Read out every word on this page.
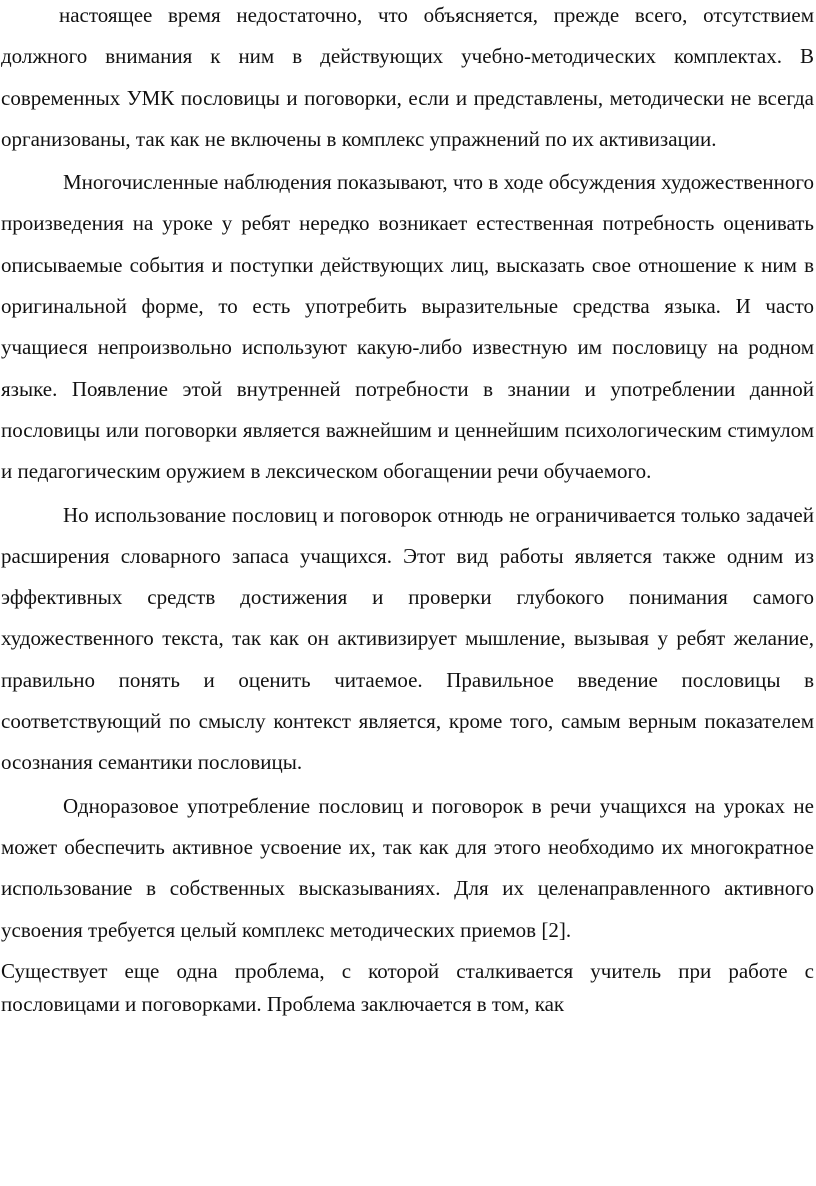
настоящее время недостаточно, что объясняется, прежде всего, отсутствием должного внимания к ним в действующих учебно-методических комплектах. В современных УМК пословицы и поговорки, если и представлены, методически не всегда организованы, так как не включены в комплекс упражнений по их активизации.

Многочисленные наблюдения показывают, что в ходе обсуждения художественного произведения на уроке у ребят нередко возникает естественная потребность оценивать описываемые события и поступки действующих лиц, высказать свое отношение к ним в оригинальной форме, то есть употребить выразительные средства языка. И часто учащиеся непроизвольно используют какую-либо известную им пословицу на родном языке. Появление этой внутренней потребности в знании и употреблении данной пословицы или поговорки является важнейшим и ценнейшим психологическим стимулом и педагогическим оружием в лексическом обогащении речи обучаемого.

Но использование пословиц и поговорок отнюдь не ограничивается только задачей расширения словарного запаса учащихся. Этот вид работы является также одним из эффективных средств достижения и проверки глубокого понимания самого художественного текста, так как он активизирует мышление, вызывая у ребят желание, правильно понять и оценить читаемое. Правильное введение пословицы в соответствующий по смыслу контекст является, кроме того, самым верным показателем осознания семантики пословицы.

Одноразовое употребление пословиц и поговорок в речи учащихся на уроках не может обеспечить активное усвоение их, так как для этого необходимо их многократное использование в собственных высказываниях. Для их целенаправленного активного усвоения требуется целый комплекс методических приемов [2].

Существует еще одна проблема, с которой сталкивается учитель при работе с пословицами и поговорками. Проблема заключается в том, как
